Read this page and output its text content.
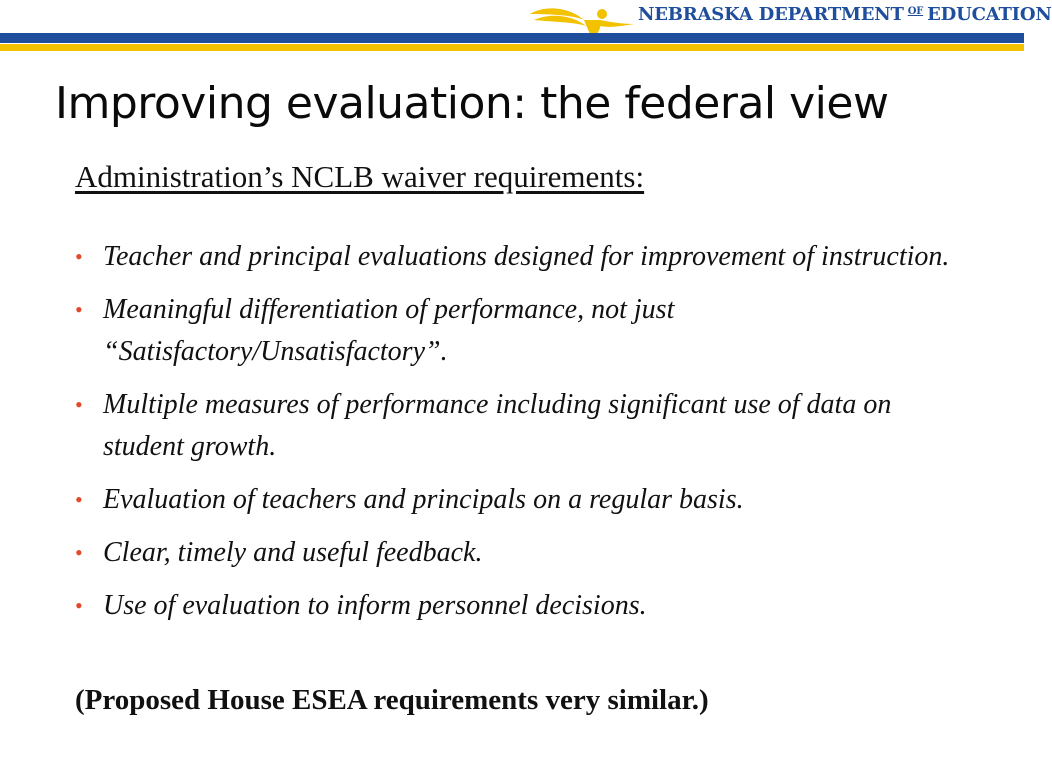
NEBRASKA DEPARTMENT $^{OF}$ EDUCATION
Improving evaluation: the federal view
Administration’s NCLB waiver requirements:
• Teacher and principal evaluations designed for improvement of instruction.
• Meaningful differentiation of performance, not just “Satisfactory/Unsatisfactory”.
• Multiple measures of performance including significant use of data on student growth.
• Evaluation of teachers and principals on a regular basis.
• Clear, timely and useful feedback.
• Use of evaluation to inform personnel decisions.
(Proposed House ESEA requirements very similar.)
